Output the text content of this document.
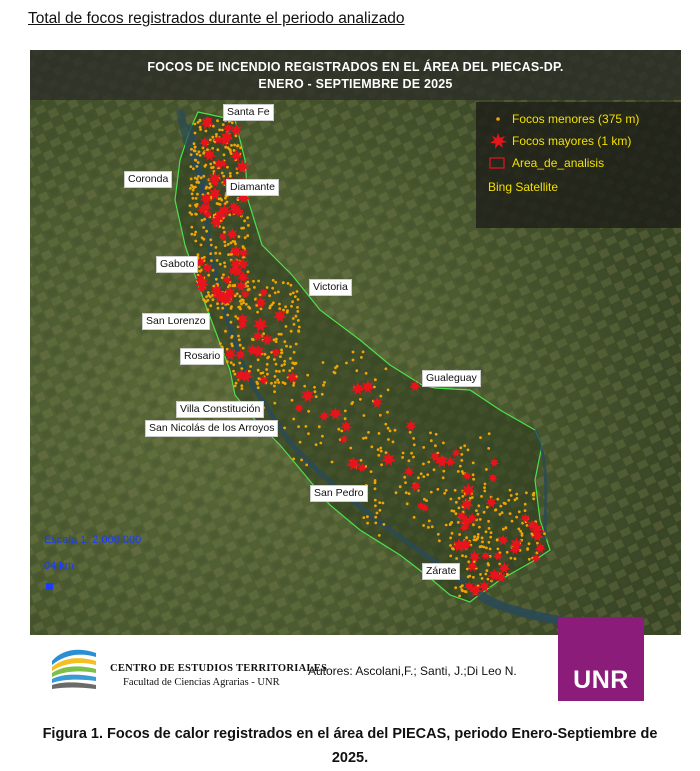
Total de focos registrados durante el periodo analizado
FOCOS DE INCENDIO REGISTRADOS EN EL ÁREA DEL PIECAS-DP.
ENERO - SEPTIEMBRE DE 2025
Focos menores (375 m)
Focos mayores (1 km)
Area_de_analisis
Bing Satellite
Santa Fe
Coronda
Diamante
Gaboto
Victoria
San Lorenzo
Rosario
Gualeguay
Villa Constitución
San Nicolás de los Arroyos
San Pedro
Zárate
Escala 1: 2.000.000
04 km
CENTRO DE ESTUDIOS TERRITORIALES
Facultad de Ciencias Agrarias - UNR
Autores: Ascolani,F.; Santi, J.;Di Leo N.	UNR
Figura 1. Focos de calor registrados en el área del PIECAS, periodo Enero-Septiembre de 2025.
